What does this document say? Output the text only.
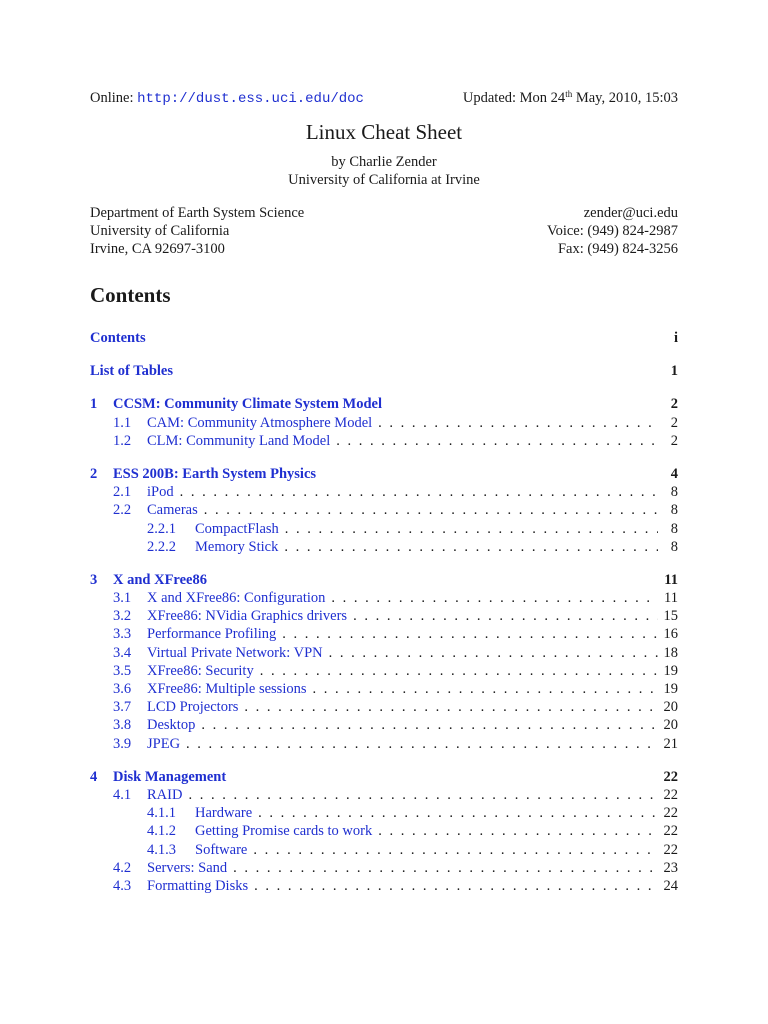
Online: http://dust.ess.uci.edu/doc	Updated: Mon 24th May, 2010, 15:03
Linux Cheat Sheet
by Charlie Zender
University of California at Irvine
Department of Earth System Science
University of California
Irvine, CA 92697-3100
zender@uci.edu
Voice: (949) 824-2987
Fax: (949) 824-3256
Contents
Contents	i
List of Tables	1
1	CCSM: Community Climate System Model	2
1.1	CAM: Community Atmosphere Model . . .	2
1.2	CLM: Community Land Model . . .	2
2	ESS 200B: Earth System Physics	4
2.1	iPod . . .	8
2.2	Cameras . . .	8
2.2.1	CompactFlash . . .	8
2.2.2	Memory Stick . . .	8
3	X and XFree86	11
3.1	X and XFree86: Configuration . . .	11
3.2	XFree86: NVidia Graphics drivers . . .	15
3.3	Performance Profiling . . .	16
3.4	Virtual Private Network: VPN . . .	18
3.5	XFree86: Security . . .	19
3.6	XFree86: Multiple sessions . . .	19
3.7	LCD Projectors . . .	20
3.8	Desktop . . .	20
3.9	JPEG . . .	21
4	Disk Management	22
4.1	RAID . . .	22
4.1.1	Hardware . . .	22
4.1.2	Getting Promise cards to work . . .	22
4.1.3	Software . . .	22
4.2	Servers: Sand . . .	23
4.3	Formatting Disks . . .	24
